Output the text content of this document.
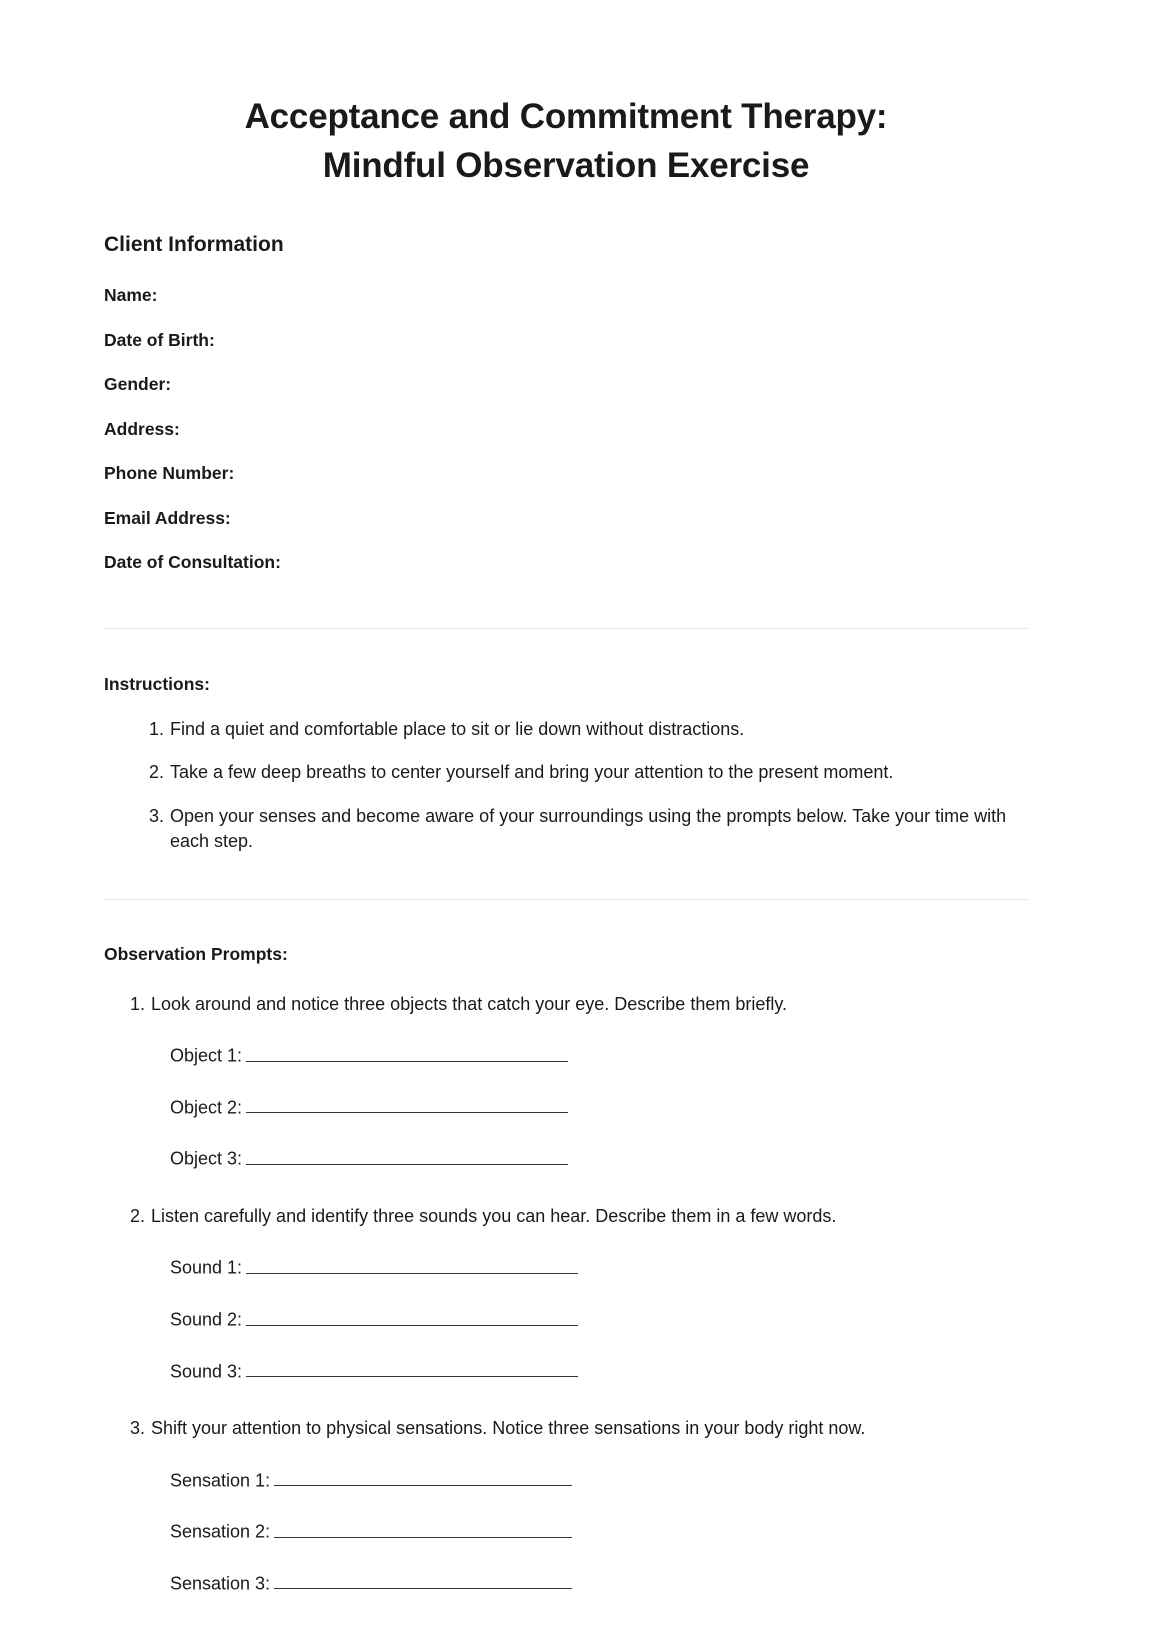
Acceptance and Commitment Therapy:
Mindful Observation Exercise
Client Information
Name:
Date of Birth:
Gender:
Address:
Phone Number:
Email Address:
Date of Consultation:
Instructions:
Find a quiet and comfortable place to sit or lie down without distractions.
Take a few deep breaths to center yourself and bring your attention to the present moment.
Open your senses and become aware of your surroundings using the prompts below. Take your time with each step.
Observation Prompts:
Look around and notice three objects that catch your eye. Describe them briefly.
Object 1:
Object 2:
Object 3:
Listen carefully and identify three sounds you can hear. Describe them in a few words.
Sound 1:
Sound 2:
Sound 3:
Shift your attention to physical sensations. Notice three sensations in your body right now.
Sensation 1:
Sensation 2:
Sensation 3:
